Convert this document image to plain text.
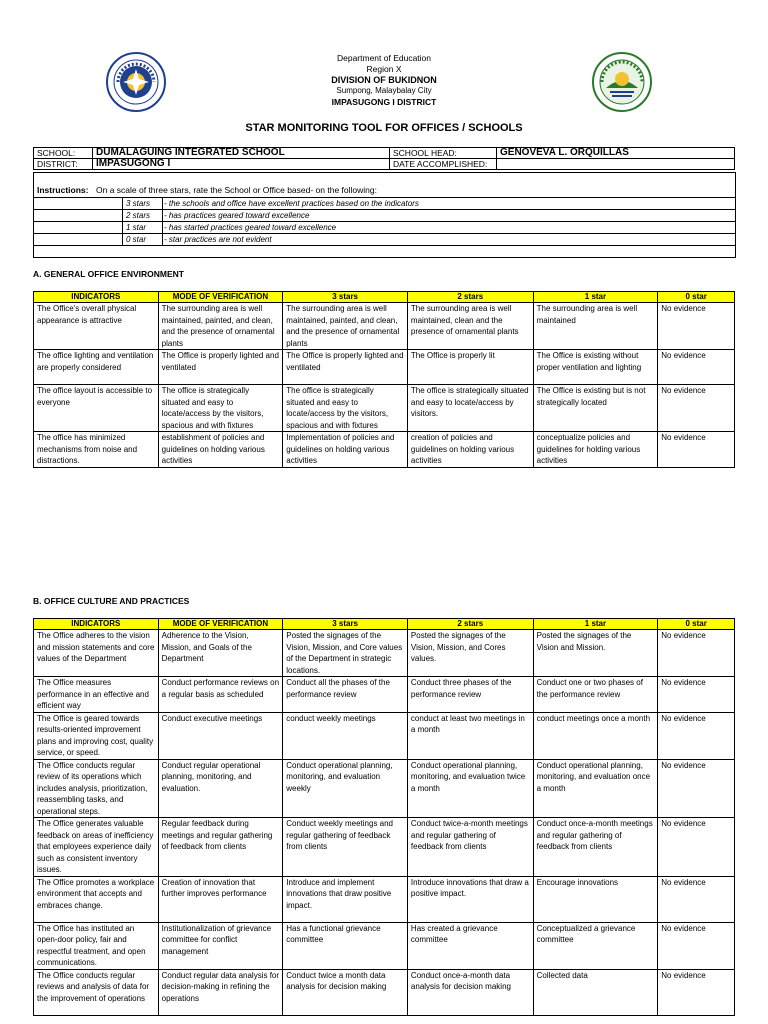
Department of Education
Region X
DIVISION OF BUKIDNON
Sumpong, Malaybalay City
IMPASUGONG I DISTRICT
STAR MONITORING TOOL FOR OFFICES / SCHOOLS
SCHOOL:	DUMALAGUING INTEGRATED SCHOOL	SCHOOL HEAD:	GENOVEVA L. ORQUILLAS
DISTRICT:	IMPASUGONG I	DATE ACCOMPLISHED:	
Instructions: On a scale of three stars, rate the School or Office based- on the following:
3 stars	- the schools and office have excellent practices based on the indicators
2 stars	- has practices geared toward excellence
1 star	- has started practices geared toward excellence
0 star	- star practices are not evident
A. GENERAL OFFICE ENVIRONMENT
INDICATORS	MODE OF VERIFICATION	3 stars	2 stars	1 star	0 star
The Office's overall physical appearance is attractive	The surrounding area is well maintained, painted, and clean, and the presence of ornamental plants	The surrounding area is well maintained, painted, and clean, and the presence of ornamental plants	The surrounding area is well maintained, clean and the presence of ornamental plants	The surrounding area is well maintained	No evidence
The office lighting and ventilation are properly considered	The Office is properly lighted and ventilated	The Office is properly lighted and ventilated	The Office is properly lit	The Office is existing without proper ventilation and lighting	No evidence
The office layout is accessible to everyone	The office is strategically situated and easy to locate/access by the visitors, spacious and with fixtures	The office is strategically situated and easy to locate/access by the visitors, spacious and with fixtures	The office is strategically situated and easy to locate/access by visitors.	The Office is existing but is not strategically located	No evidence
The office has minimized mechanisms from noise and distractions.	establishment of policies and guidelines on holding various activities	Implementation of policies and guidelines on holding various activities	creation of policies and guidelines on holding various activities	conceptualize policies and guidelines for holding various activities	No evidence
B. OFFICE CULTURE AND PRACTICES
INDICATORS	MODE OF VERIFICATION	3 stars	2 stars	1 star	0 star
The Office adheres to the vision and mission statements and core values of the Department	Adherence to the Vision, Mission, and Goals of the Department	Posted the signages of the Vision, Mission, and Core values of the Department in strategic locations.	Posted the signages of the Vision, Mission, and Cores values.	Posted the signages of the Vision and Mission.	No evidence
The Office measures performance in an effective and efficient way	Conduct performance reviews on a regular basis as scheduled	Conduct all the phases of the performance review	Conduct three phases of the performance review	Conduct one or two phases of the performance review	No evidence
The Office is geared towards results-oriented improvement plans and improving cost, quality service, or speed.	Conduct executive meetings	conduct weekly meetings	conduct at least two meetings in a month	conduct meetings once a month	No evidence
The Office conducts regular review of its operations which includes analysis, prioritization, reassembling tasks, and operational steps.	Conduct regular operational planning, monitoring, and evaluation.	Conduct operational planning, monitoring, and evaluation weekly	Conduct operational planning, monitoring, and evaluation twice a month	Conduct operational planning, monitoring, and evaluation once a month	No evidence
The Office generates valuable feedback on areas of inefficiency that employees experience daily such as consistent inventory issues.	Regular feedback during meetings and regular gathering of feedback from clients	Conduct weekly meetings and regular gathering of feedback from clients	Conduct twice-a-month meetings and regular gathering of feedback from clients	Conduct once-a-month meetings and regular gathering of feedback from clients	No evidence
The Office promotes a workplace environment that accepts and embraces change.	Creation of innovation that further improves performance	Introduce and implement innovations that draw positive impact.	Introduce innovations that draw a positive impact.	Encourage innovations	No evidence
The Office has instituted an open-door policy, fair and respectful treatment, and open communications.	Institutionalization of grievance committee for conflict management	Has a functional grievance committee	Has created a grievance committee	Conceptualized a grievance committee	No evidence
The Office conducts regular reviews and analysis of data for the improvement of operations	Conduct regular data analysis for decision-making in refining the operations	Conduct twice a month data analysis for decision making	Conduct once-a-month data analysis for decision making	Collected data	No evidence
